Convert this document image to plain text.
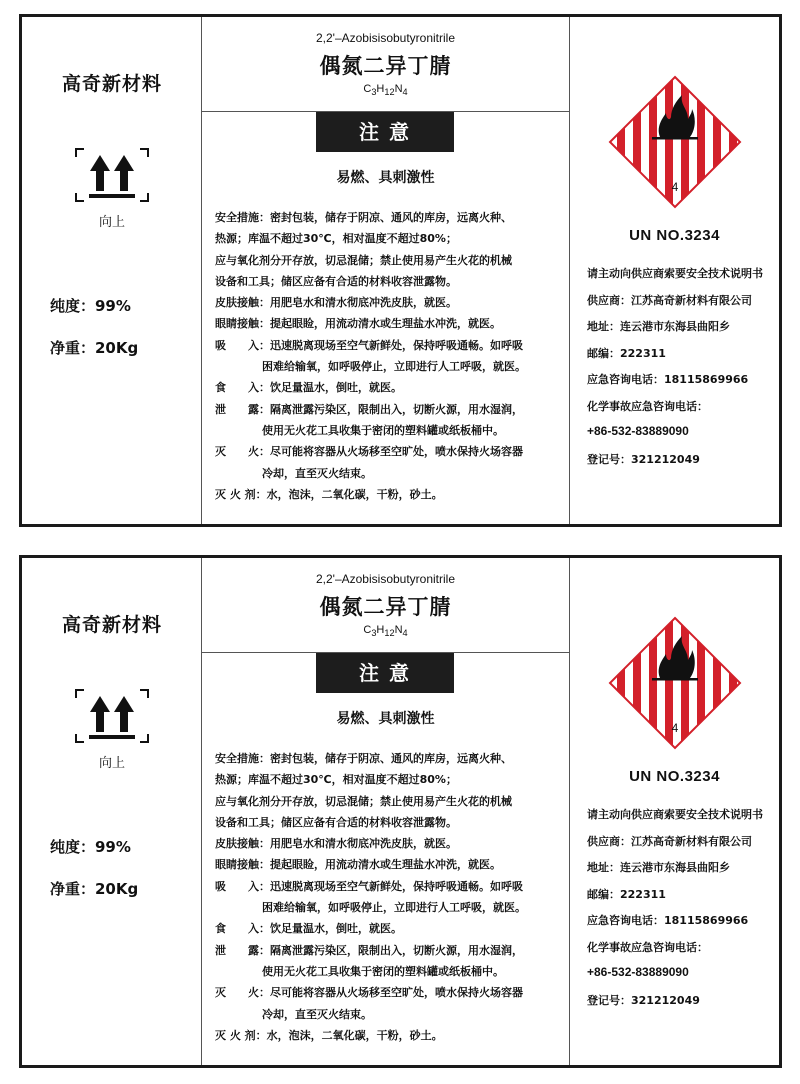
高奇新材料
向上
纯度：99%
净重：20Kg
2,2'–Azobisisobutyronitrile
偶氮二异丁腈
$C_3H_{12}N_4$
注意
易燃、具刺激性
安全措施：密封包装，储存于阴凉、通风的库房，远离火种、
热源；库温不超过30℃，相对温度不超过80%；
应与氧化剂分开存放，切忌混储；禁止使用易产生火花的机械
设备和工具；储区应备有合适的材料收容泄露物。
皮肤接触：用肥皂水和清水彻底冲洗皮肤，就医。
眼睛接触：提起眼睑，用流动清水或生理盐水冲洗，就医。
吸　　入：迅速脱离现场至空气新鲜处，保持呼吸通畅。如呼吸
困难给输氧，如呼吸停止，立即进行人工呼吸，就医。
食　　入：饮足量温水，倒吐，就医。
泄　　露：隔离泄露污染区，限制出入，切断火源，用水湿润，
使用无火花工具收集于密闭的塑料罐或纸板桶中。
灭　　火：尽可能将容器从火场移至空旷处，喷水保持火场容器
冷却，直至灭火结束。
灭 火 剂：水，泡沫，二氧化碳，干粉，砂土。
4
UN NO.3234
请主动向供应商索要安全技术说明书
供应商：江苏高奇新材料有限公司
地址：连云港市东海县曲阳乡
邮编：222311
应急咨询电话：18115869966
化学事故应急咨询电话：
+86-532-83889090
登记号：321212049
高奇新材料
向上
纯度：99%
净重：20Kg
2,2'–Azobisisobutyronitrile
偶氮二异丁腈
$C_3H_{12}N_4$
注意
易燃、具刺激性
安全措施：密封包装，储存于阴凉、通风的库房，远离火种、
热源；库温不超过30℃，相对温度不超过80%；
应与氧化剂分开存放，切忌混储；禁止使用易产生火花的机械
设备和工具；储区应备有合适的材料收容泄露物。
皮肤接触：用肥皂水和清水彻底冲洗皮肤，就医。
眼睛接触：提起眼睑，用流动清水或生理盐水冲洗，就医。
吸　　入：迅速脱离现场至空气新鲜处，保持呼吸通畅。如呼吸
困难给输氧，如呼吸停止，立即进行人工呼吸，就医。
食　　入：饮足量温水，倒吐，就医。
泄　　露：隔离泄露污染区，限制出入，切断火源，用水湿润，
使用无火花工具收集于密闭的塑料罐或纸板桶中。
灭　　火：尽可能将容器从火场移至空旷处，喷水保持火场容器
冷却，直至灭火结束。
灭 火 剂：水，泡沫，二氧化碳，干粉，砂土。
4
UN NO.3234
请主动向供应商索要安全技术说明书
供应商：江苏高奇新材料有限公司
地址：连云港市东海县曲阳乡
邮编：222311
应急咨询电话：18115869966
化学事故应急咨询电话：
+86-532-83889090
登记号：321212049
